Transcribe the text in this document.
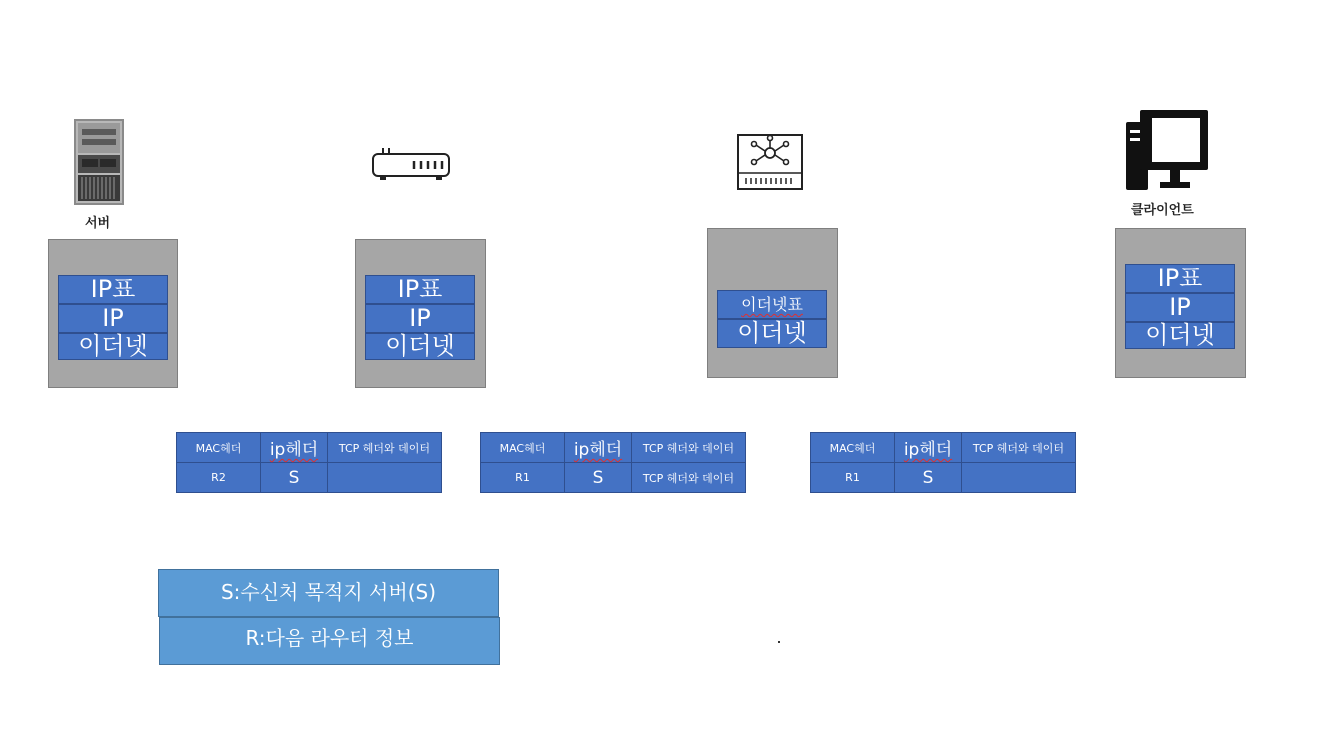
서버
클라이언트
IP표
IP
이더넷
IP표
IP
이더넷
이더넷표
이더넷
IP표
IP
이더넷
MAC헤더	ip헤더	TCP 헤더와 데이터
R2	S	
MAC헤더	ip헤더	TCP 헤더와 데이터
R1	S	TCP 헤더와 데이터
MAC헤더	ip헤더	TCP 헤더와 데이터
R1	S	
S:수신처 목적지 서버(S)
R:다음 라우터 정보
